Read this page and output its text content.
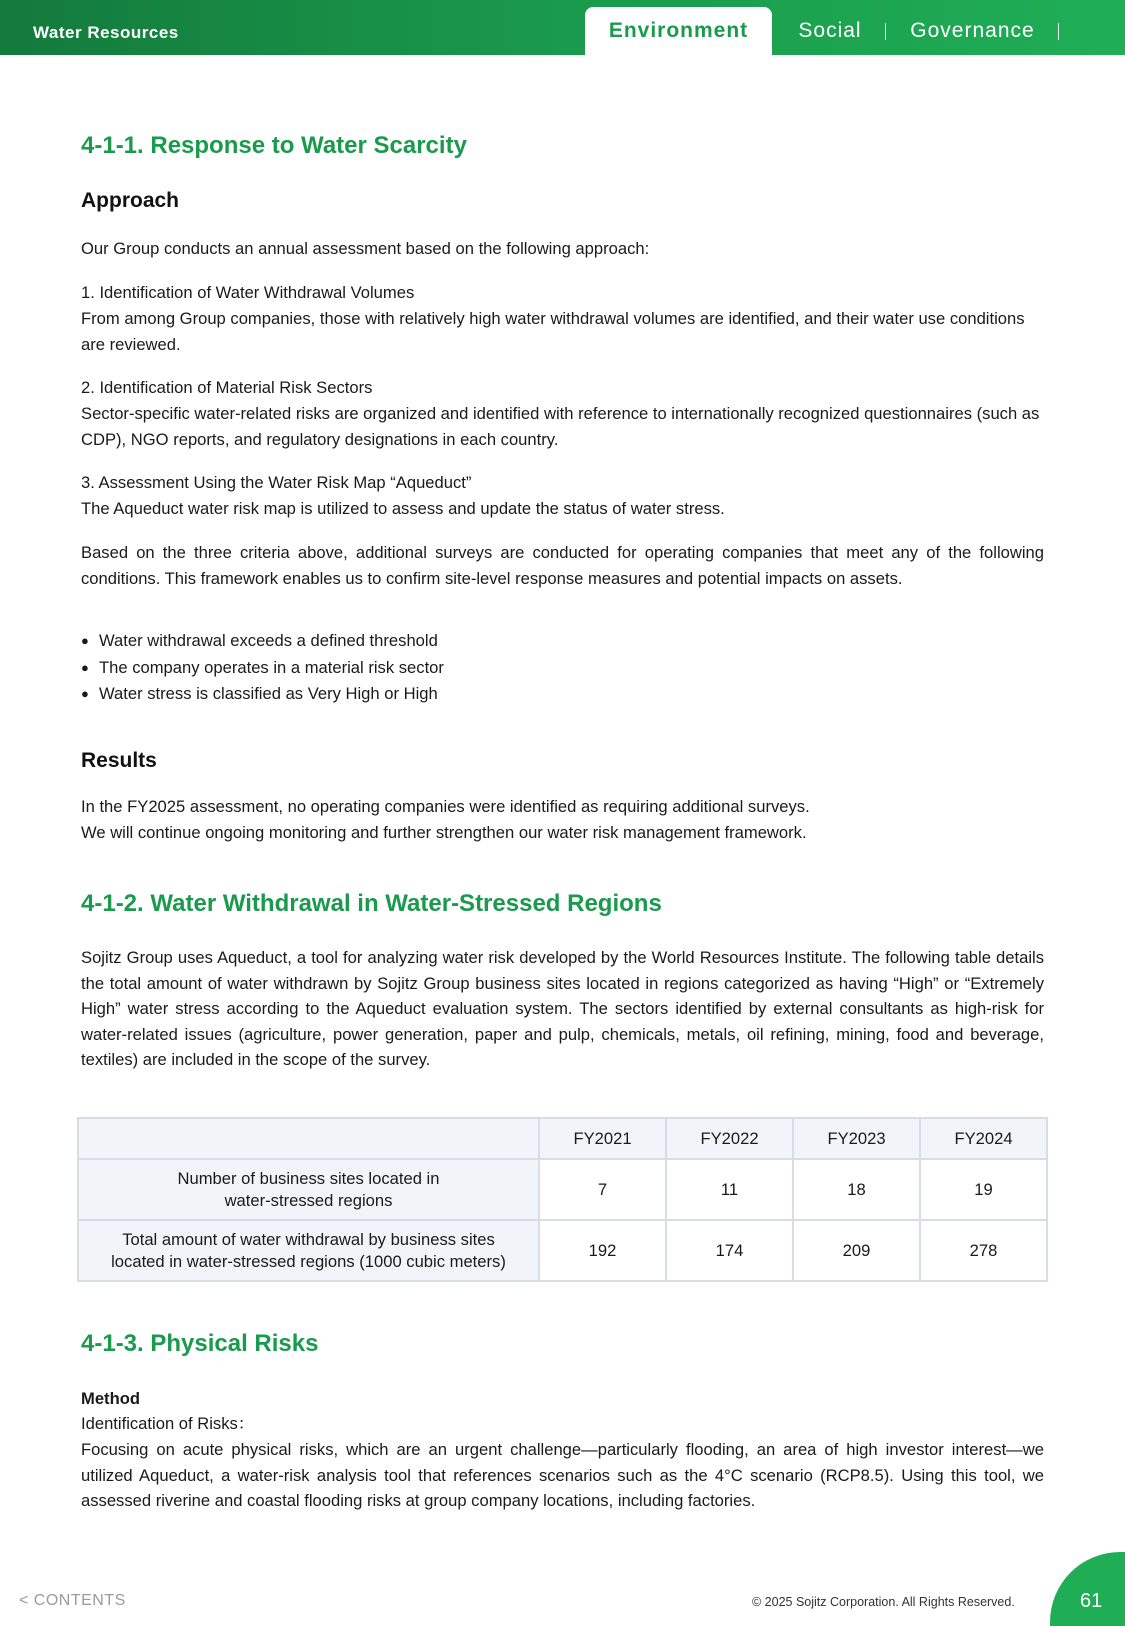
Water Resources	Environment	Social	Governance
4-1-1. Response to Water Scarcity
Approach

Our Group conducts an annual assessment based on the following approach:

1. Identification of Water Withdrawal Volumes

From among Group companies, those with relatively high water withdrawal volumes are identified, and their water use conditions are reviewed.

2. Identification of Material Risk Sectors

Sector-specific water-related risks are organized and identified with reference to internationally recognized questionnaires (such as CDP), NGO reports, and regulatory designations in each country.

3. Assessment Using the Water Risk Map “Aqueduct”

The Aqueduct water risk map is utilized to assess and update the status of water stress.

Based on the three criteria above, additional surveys are conducted for operating companies that meet any of the following conditions. This framework enables us to confirm site-level response measures and potential impacts on assets.

● Water withdrawal exceeds a defined threshold
● The company operates in a material risk sector
● Water stress is classified as Very High or High
Results

In the FY2025 assessment, no operating companies were identified as requiring additional surveys.

We will continue ongoing monitoring and further strengthen our water risk management framework.

4-1-2. Water Withdrawal in Water-Stressed Regions

Sojitz Group uses Aqueduct, a tool for analyzing water risk developed by the World Resources Institute. The following table details the total amount of water withdrawn by Sojitz Group business sites located in regions categorized as having “High” or “Extremely High” water stress according to the Aqueduct evaluation system. The sectors identified by external consultants as high-risk for water-related issues (agriculture, power generation, paper and pulp, chemicals, metals, oil refining, mining, food and beverage, textiles) are included in the scope of the survey.

	FY2021	FY2022	FY2023	FY2024
Number of business sites located in
water-stressed regions	7	11	18	19
Total amount of water withdrawal by business sites
located in water-stressed regions (1000 cubic meters)	192	174	209	278
4-1-3. Physical Risks

Method

Identification of Risks：

Focusing on acute physical risks, which are an urgent challenge—particularly flooding, an area of high investor interest—we utilized Aqueduct, a water-risk analysis tool that references scenarios such as the 4°C scenario (RCP8.5). Using this tool, we assessed riverine and coastal flooding risks at group company locations, including factories.

< CONTENTS	© 2025 Sojitz Corporation. All Rights Reserved.	61
